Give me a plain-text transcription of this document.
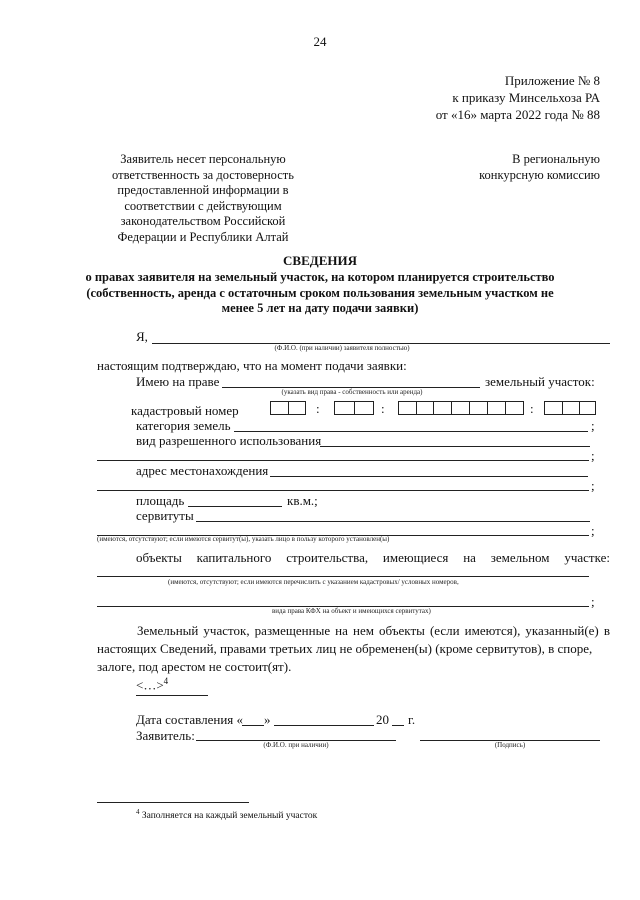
24
Приложение № 8
к приказу Минсельхоза РА
от «16» марта 2022 года № 88
Заявитель несет персональную
ответственность за достоверность
предоставленной информации в
соответствии с действующим
законодательством Российской
Федерации и Республики Алтай
В региональную
конкурсную комиссию
СВЕДЕНИЯ
о правах заявителя на земельный участок, на котором планируется строительство
(собственность, аренда с остаточным сроком пользования земельным участком не
менее 5 лет на дату подачи заявки)
Я,
(Ф.И.О. (при наличии) заявителя полностью)
настоящим подтверждаю, что на момент подачи заявки:
Имею на праве
(указать вид права - собственность или аренда)
земельный участок:
кадастровый номер	:	:	:
категория земель	;
вид разрешенного использования
;
адрес местонахождения
;
площадь	кв.м.;
сервитуты
;
(имеются, отсутствуют; если имеются сервитут(ы), указать лицо в пользу которого установлен(ы)
объекты капитального строительства, имеющиеся на земельном участке:
(имеются, отсутствуют; если имеются перечислить с указанием кадастровых/ условных номеров,
;
вида права КФХ на объект и имеющихся сервитутах)
Земельный участок, размещенные на нем объекты (если имеются), указанный(е) в
настоящих Сведений, правами третьих лиц не обременен(ы) (кроме сервитутов), в споре,
залоге, под арестом не состоит(ят).
<…>$^4$
Дата составления « »	20 г.
Заявитель:
(Ф.И.О. при наличии)	(Подпись)
$^4$ Заполняется на каждый земельный участок
